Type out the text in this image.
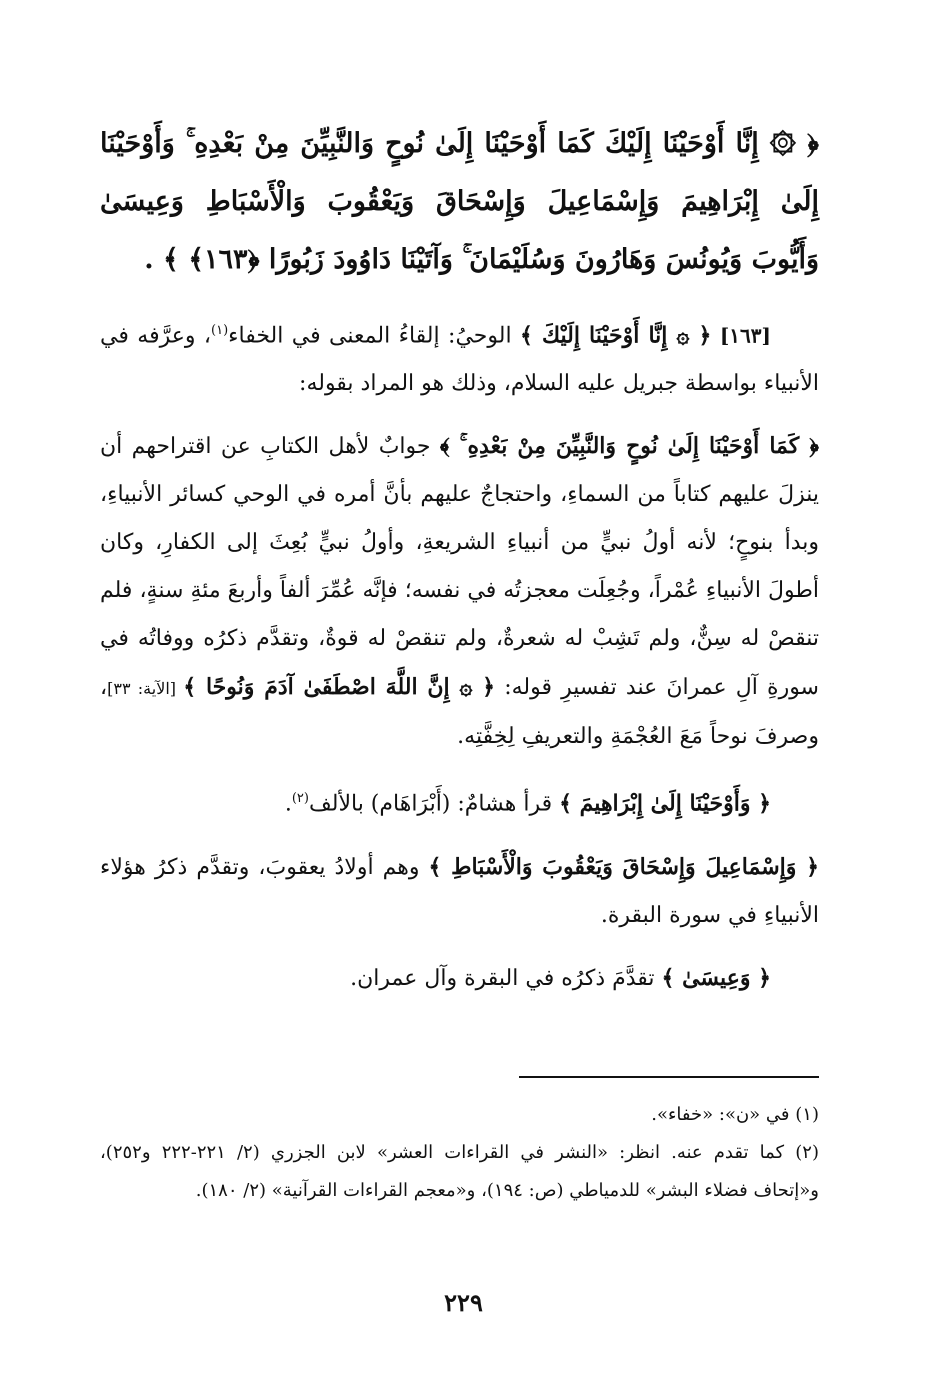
﴿ ۞ إِنَّا أَوْحَيْنَا إِلَيْكَ كَمَا أَوْحَيْنَا إِلَىٰ نُوحٍ وَالنَّبِيِّنَ مِنْ بَعْدِهِ ۚ وَأَوْحَيْنَا إِلَىٰ إِبْرَاهِيمَ وَإِسْمَاعِيلَ وَإِسْحَاقَ وَيَعْقُوبَ وَالْأَسْبَاطِ وَعِيسَىٰ وَأَيُّوبَ وَيُونُسَ وَهَارُونَ وَسُلَيْمَانَ ۚ وَآتَيْنَا دَاوُودَ زَبُورًا ﴿١٦٣﴾ ﴾ .

[١٦٣] ﴿ ۞ إِنَّا أَوْحَيْنَا إِلَيْكَ ﴾ الوحيُ: إلقاءُ المعنى في الخفاء$^{(١)}$، وعرَّفه في الأنبياء بواسطة جبريل عليه السلام، وذلك هو المراد بقوله:

﴿ كَمَا أَوْحَيْنَا إِلَىٰ نُوحٍ وَالنَّبِيِّنَ مِنْ بَعْدِهِ ۚ ﴾ جوابٌ لأهل الكتابِ عن اقتراحهم أن ينزلَ عليهم كتاباً من السماءِ، واحتجاجٌ عليهم بأنَّ أمره في الوحي كسائر الأنبياءِ، وبدأ بنوحٍ؛ لأنه أولُ نبيٍّ من أنبياءِ الشريعةِ، وأولُ نبيٍّ بُعِثَ إلى الكفارِ، وكان أطولَ الأنبياءِ عُمْراً، وجُعِلَت معجزتُه في نفسه؛ فإنَّه عُمِّرَ ألفاً وأربعَ مئةِ سنةٍ، فلم تنقصْ له سِنٌّ، ولم تَشِبْ له شعرةٌ، ولم تنقصْ له قوةٌ، وتقدَّم ذكرُه ووفاتُه في سورةِ آلِ عمرانَ عند تفسيرِ قوله: ﴿ ۞ إِنَّ اللَّهَ اصْطَفَىٰ آدَمَ وَنُوحًا ﴾ [الآية: ٣٣]، وصرفَ نوحاً مَعَ العُجْمَةِ والتعريفِ لِخِفَّتِه.

﴿ وَأَوْحَيْنَا إِلَىٰ إِبْرَاهِيمَ ﴾ قرأ هشامٌ: (أَبْرَاهَام) بالألف$^{(٢)}$.

﴿ وَإِسْمَاعِيلَ وَإِسْحَاقَ وَيَعْقُوبَ وَالْأَسْبَاطِ ﴾ وهم أولادُ يعقوبَ، وتقدَّم ذكرُ هؤلاء الأنبياءِ في سورة البقرة.

﴿ وَعِيسَىٰ ﴾ تقدَّمَ ذكرُه في البقرة وآل عمران.

(١) في «ن»: «خفاء».

(٢) كما تقدم عنه. انظر: «النشر في القراءات العشر» لابن الجزري (٢/ ٢٢١-٢٢٢ و٢٥٢)، و«إتحاف فضلاء البشر» للدمياطي (ص: ١٩٤)، و«معجم القراءات القرآنية» (٢/ ١٨٠).

٢٢٩
